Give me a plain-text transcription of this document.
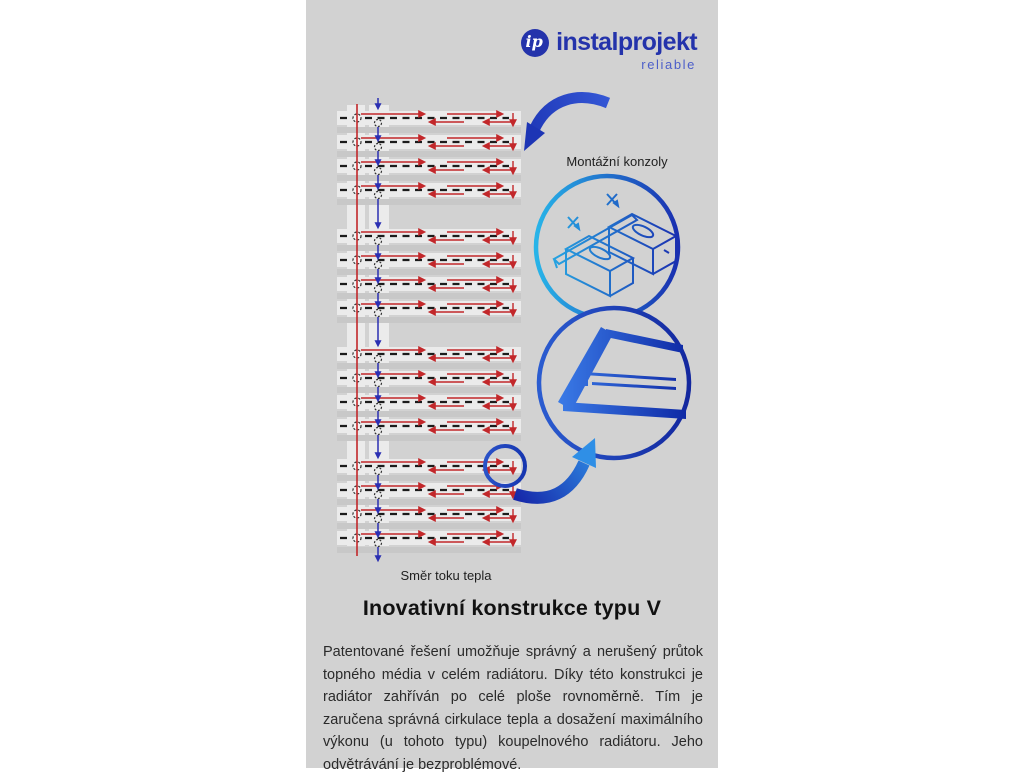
ip instalprojekt
reliable
Montážní konzoly
Směr toku tepla
Inovativní konstrukce typu V

Patentované řešení umožňuje správný a nerušený průtok topného média v celém radiátoru. Díky této konstrukci je radiátor zahříván po celé ploše rovnoměrně. Tím je zaručena správná cirkulace tepla a dosažení maximálního výkonu (u tohoto typu) koupelnového radiátoru. Jeho odvětrávání je bezproblémové.
